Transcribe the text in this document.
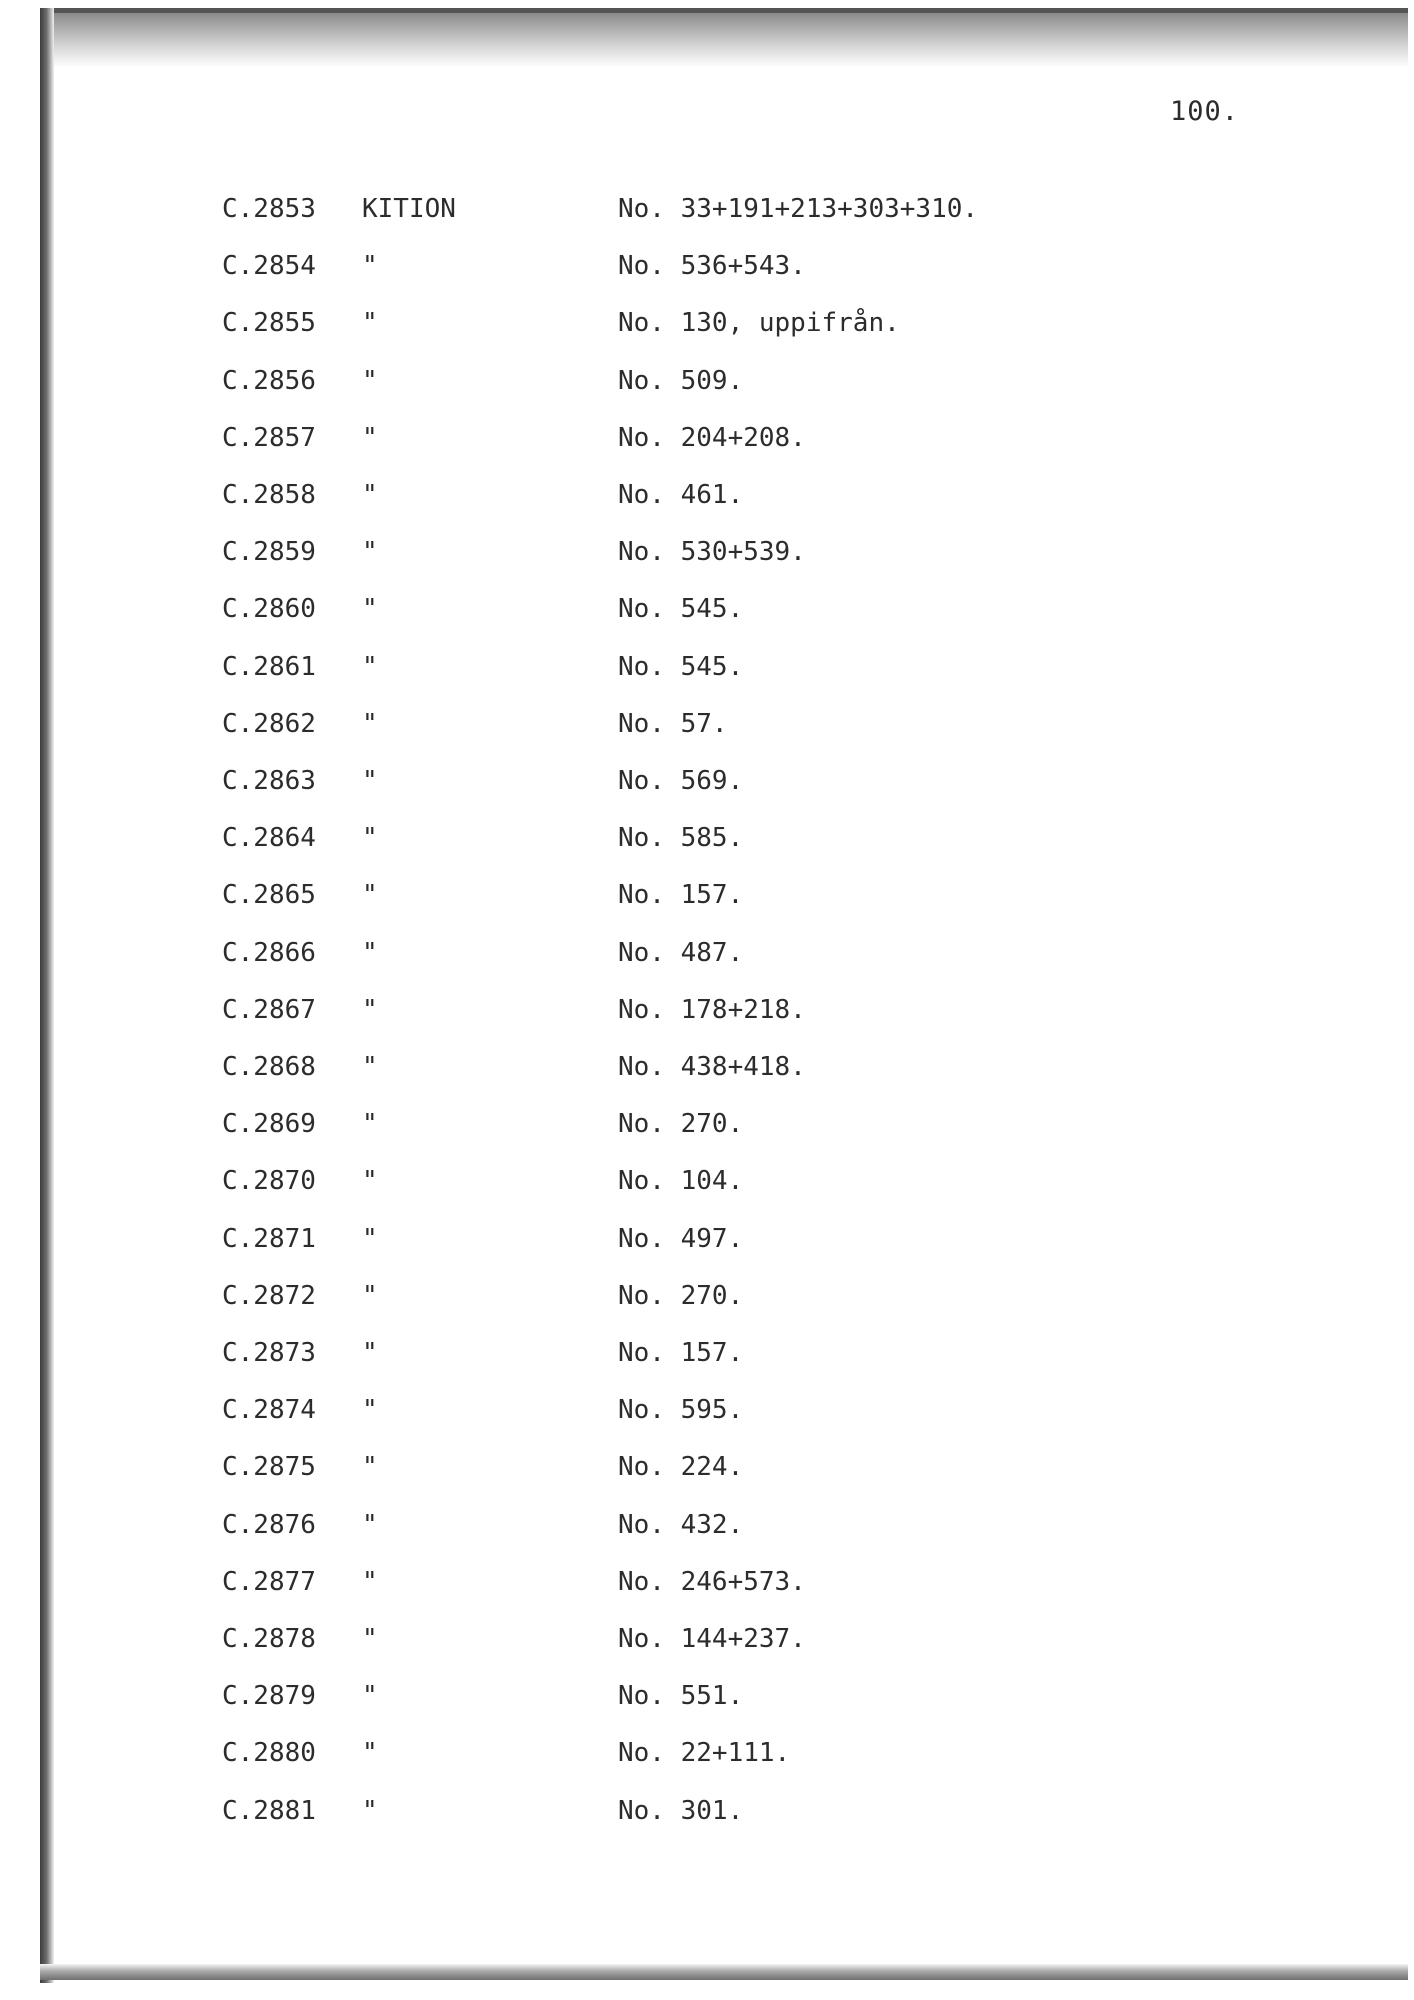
100.
C.2853 KITION	No. 33+191+213+303+310.
C.2854 "	No. 536+543.
C.2855 "	No. 130, uppifrån.
C.2856 "	No. 509.
C.2857 "	No. 204+208.
C.2858 "	No. 461.
C.2859 "	No. 530+539.
C.2860 "	No. 545.
C.2861 "	No. 545.
C.2862 "	No. 57.
C.2863 "	No. 569.
C.2864 "	No. 585.
C.2865 "	No. 157.
C.2866 "	No. 487.
C.2867 "	No. 178+218.
C.2868 "	No. 438+418.
C.2869 "	No. 270.
C.2870 "	No. 104.
C.2871 "	No. 497.
C.2872 "	No. 270.
C.2873 "	No. 157.
C.2874 "	No. 595.
C.2875 "	No. 224.
C.2876 "	No. 432.
C.2877 "	No. 246+573.
C.2878 "	No. 144+237.
C.2879 "	No. 551.
C.2880 "	No. 22+111.
C.2881 "	No. 301.
